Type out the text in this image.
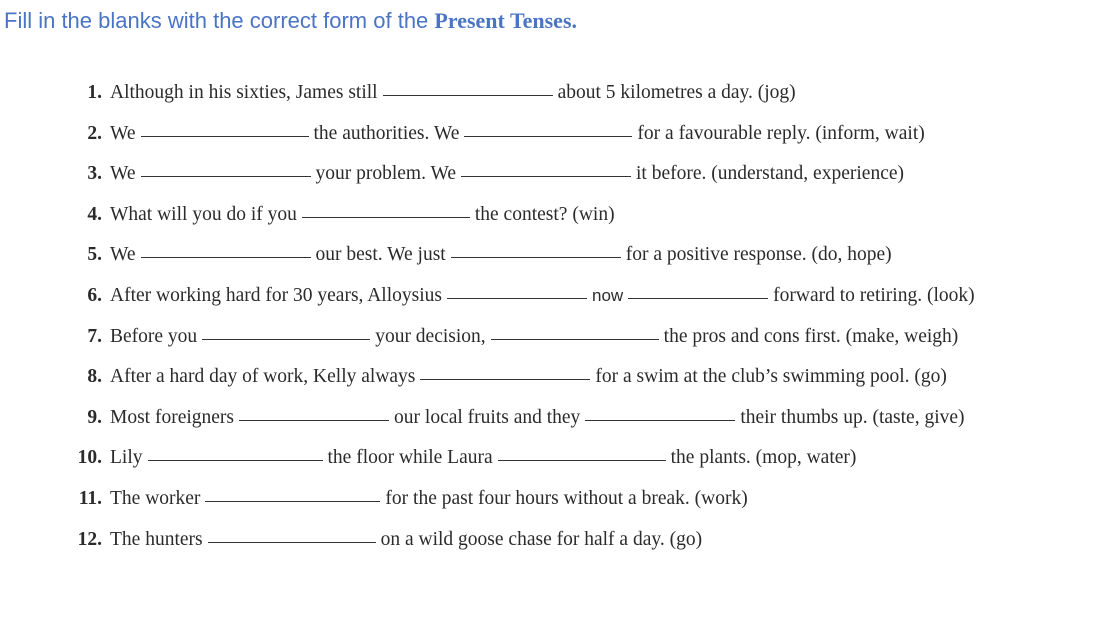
Fill in the blanks with the correct form of the Present Tenses.
1. Although in his sixties, James still	about 5 kilometres a day. (jog)
2. We	the authorities. We	for a favourable reply. (inform, wait)
3. We	your problem. We	it before. (understand, experience)
4. What will you do if you	the contest? (win)
5. We	our best. We just	for a positive response. (do, hope)
6. After working hard for 30 years, Alloysius	now	forward to retiring. (look)
7. Before you	your decision,	the pros and cons first. (make, weigh)
8. After a hard day of work, Kelly always	for a swim at the club’s swimming pool. (go)
9. Most foreigners	our local fruits and they	their thumbs up. (taste, give)
10. Lily	the floor while Laura	the plants. (mop, water)
11. The worker	for the past four hours without a break. (work)
12. The hunters	on a wild goose chase for half a day. (go)
